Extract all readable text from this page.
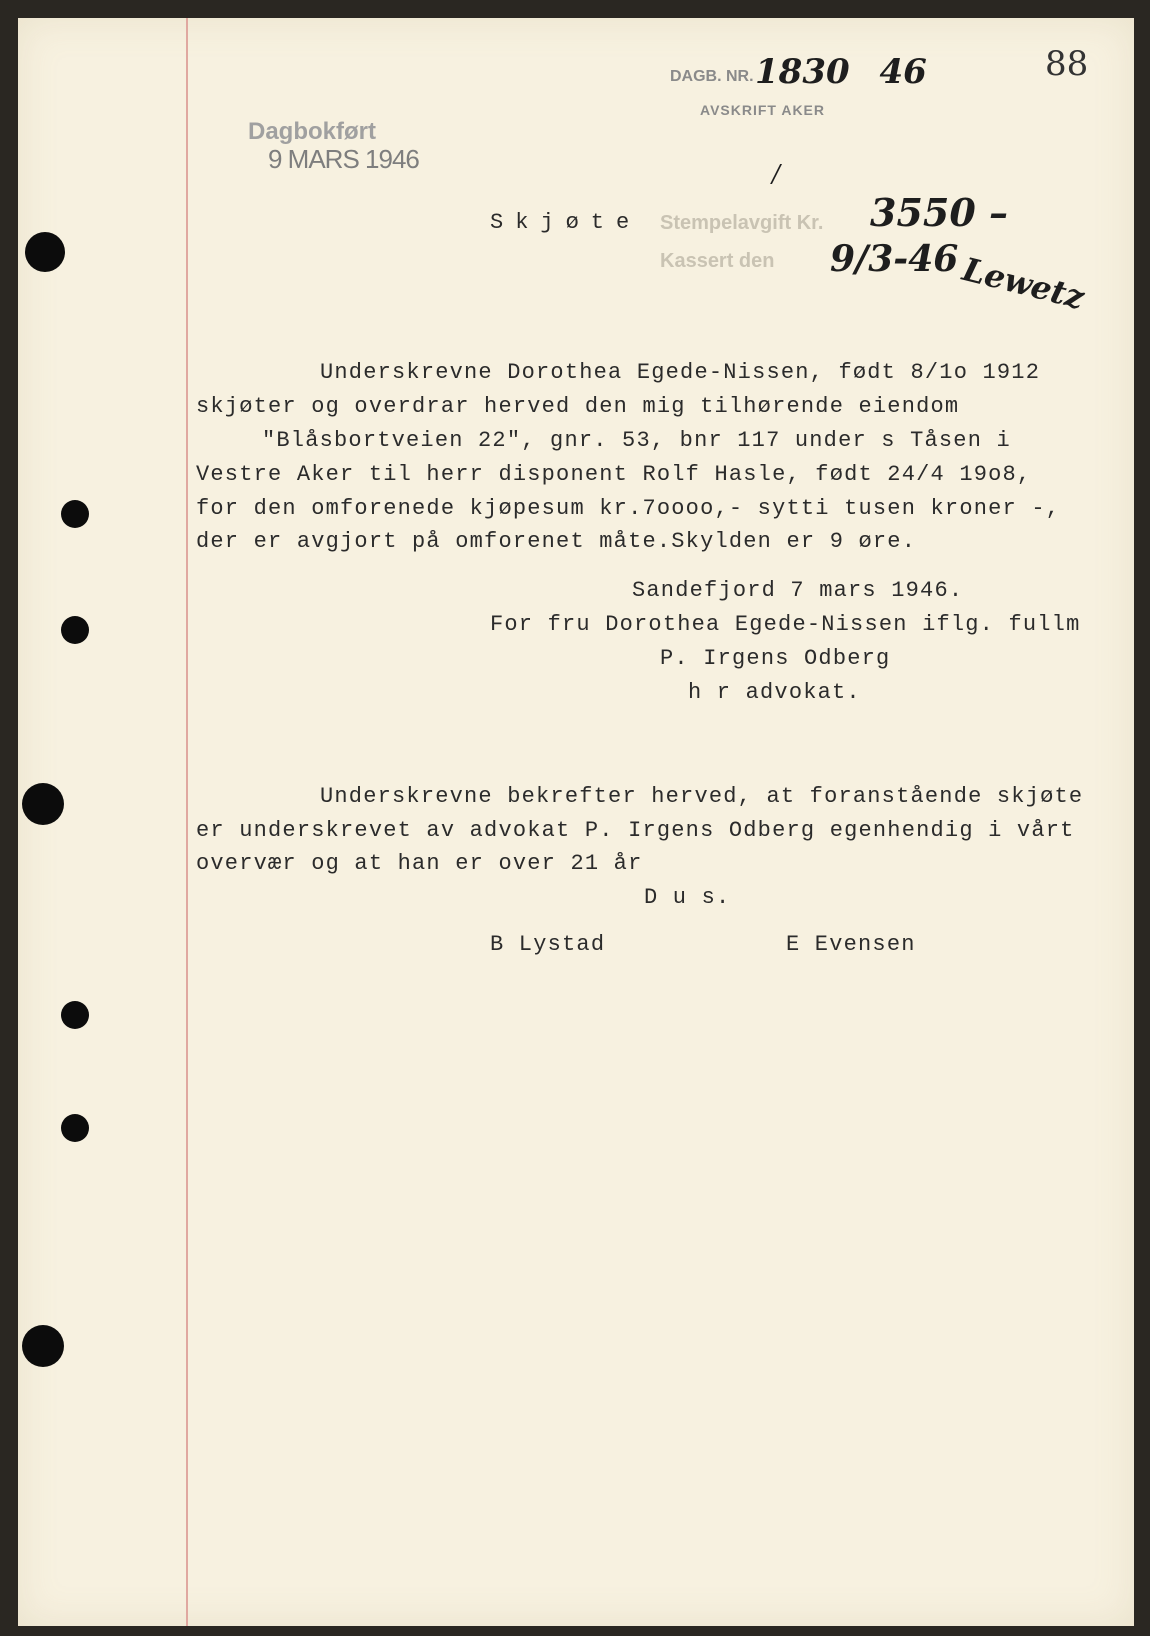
DAGB. NR. 1830 46
AVSKRIFT AKER
Dagbokført
9 MARS 1946
88
/
Skjøte Stempelavgift Kr.
Kassert den
3550 –
9/3-46 Lewetz
Underskrevne Dorothea Egede-Nissen, født 8/1o 1912
skjøter og overdrar herved den mig tilhørende eiendom
"Blåsbortveien 22", gnr. 53, bnr 117 under s Tåsen i
Vestre Aker til herr disponent Rolf Hasle, født 24/4 19o8,
for den omforenede kjøpesum kr.7oooo,- sytti tusen kroner -,
der er avgjort på omforenet måte.Skylden er 9 øre.
Sandefjord 7 mars 1946.
For fru Dorothea Egede-Nissen iflg. fullm
P. Irgens Odberg
h r advokat.
Underskrevne bekrefter herved, at foranstående skjøte
er underskrevet av advokat P. Irgens Odberg egenhendig i vårt
overvær og at han er over 21 år
D u s.
B Lystad	E Evensen
